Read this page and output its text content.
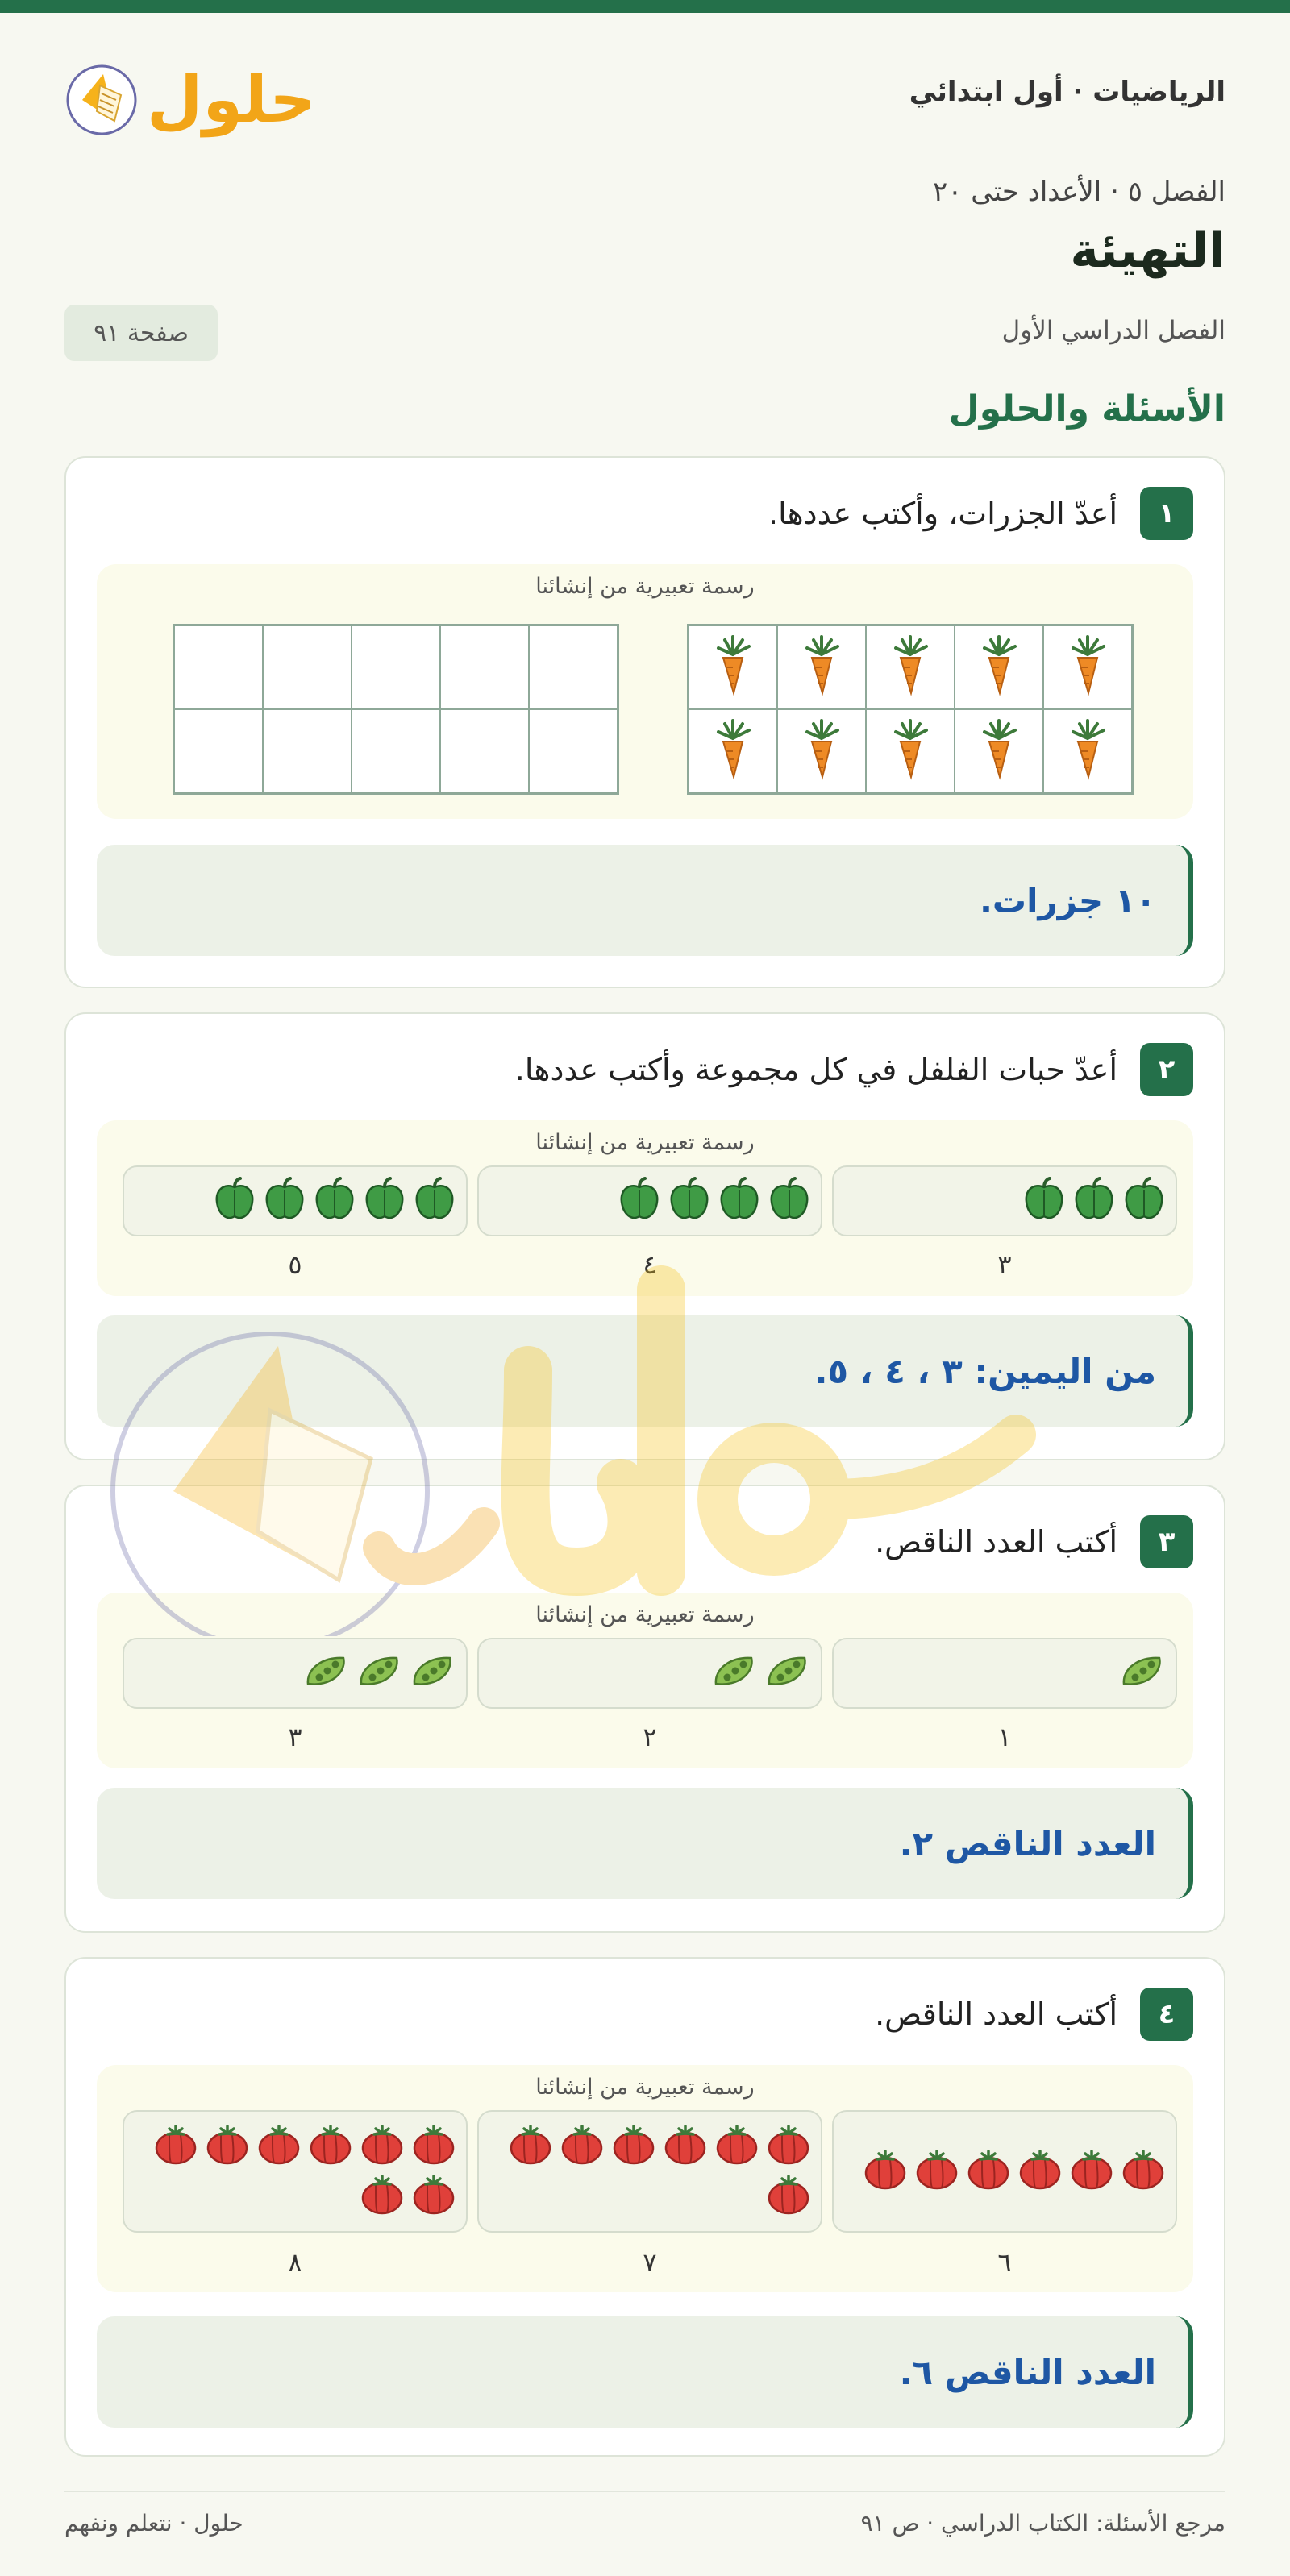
الرياضيات · أول ابتدائي
حلول
الفصل ٥ · الأعداد حتى ٢٠
التهيئة
الفصل الدراسي الأول
صفحة ٩١
الأسئلة والحلول
١
أعدّ الجزرات، وأكتب عددها.
رسمة تعبيرية من إنشائنا
١٠ جزرات.
٢
أعدّ حبات الفلفل في كل مجموعة وأكتب عددها.
رسمة تعبيرية من إنشائنا
٣
٤
٥
من اليمين: ٣ ، ٤ ، ٥.
٣
أكتب العدد الناقص.
رسمة تعبيرية من إنشائنا
١
٢
٣
العدد الناقص ٢.
٤
أكتب العدد الناقص.
رسمة تعبيرية من إنشائنا
٦
٧
٨
العدد الناقص ٦.
مرجع الأسئلة: الكتاب الدراسي · ص ٩١
حلول · نتعلم ونفهم
